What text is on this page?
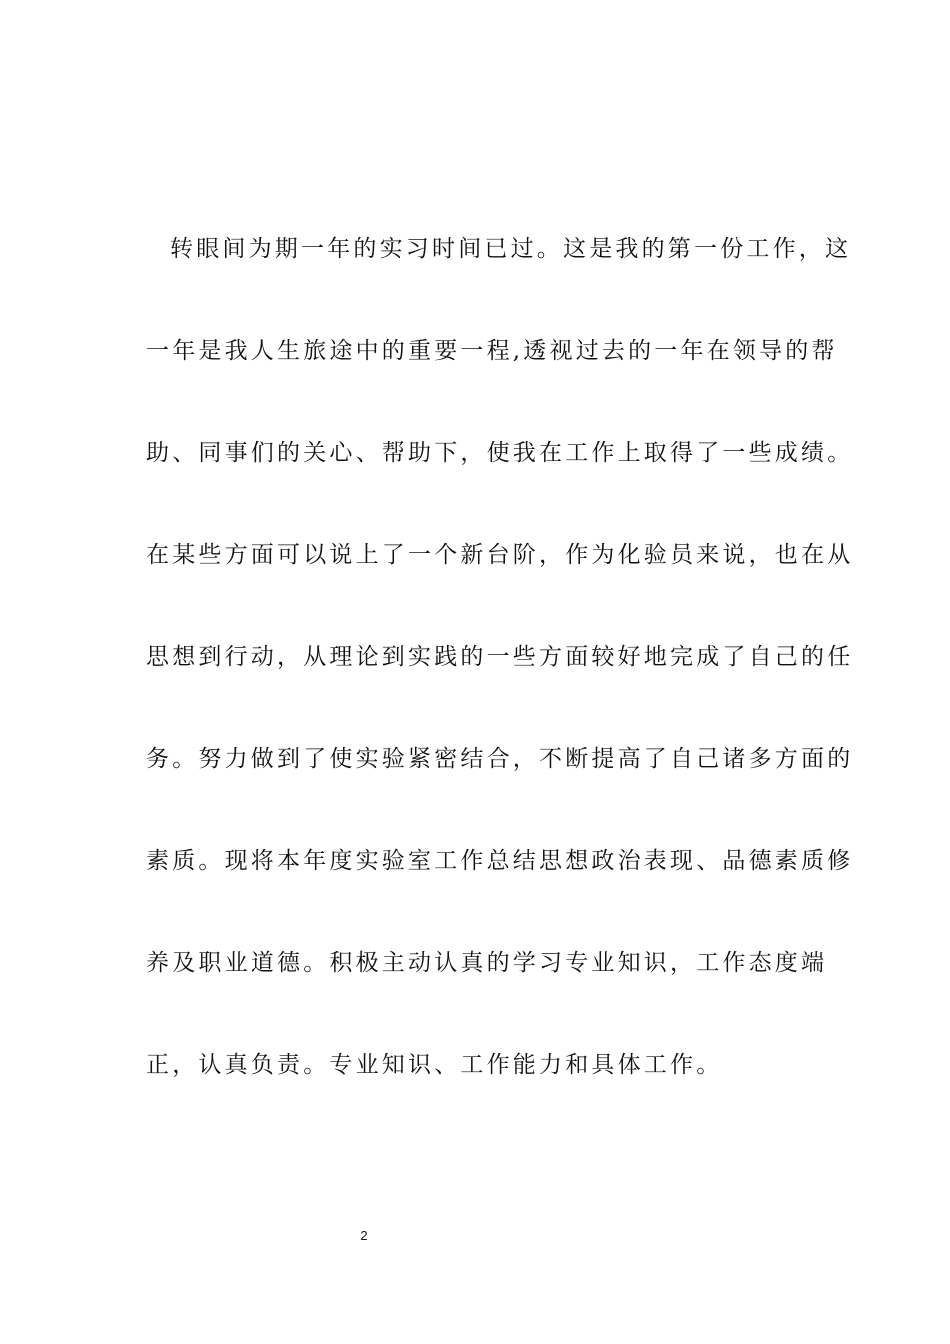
转眼间为期一年的实习时间已过。这是我的第一份工作，这
一年是我人生旅途中的重要一程,透视过去的一年在领导的帮
助、同事们的关心、帮助下，使我在工作上取得了一些成绩。
在某些方面可以说上了一个新台阶，作为化验员来说，也在从
思想到行动，从理论到实践的一些方面较好地完成了自己的任
务。努力做到了使实验紧密结合，不断提高了自己诸多方面的
素质。现将本年度实验室工作总结思想政治表现、品德素质修
养及职业道德。积极主动认真的学习专业知识，工作态度端
正，认真负责。专业知识、工作能力和具体工作。
2
